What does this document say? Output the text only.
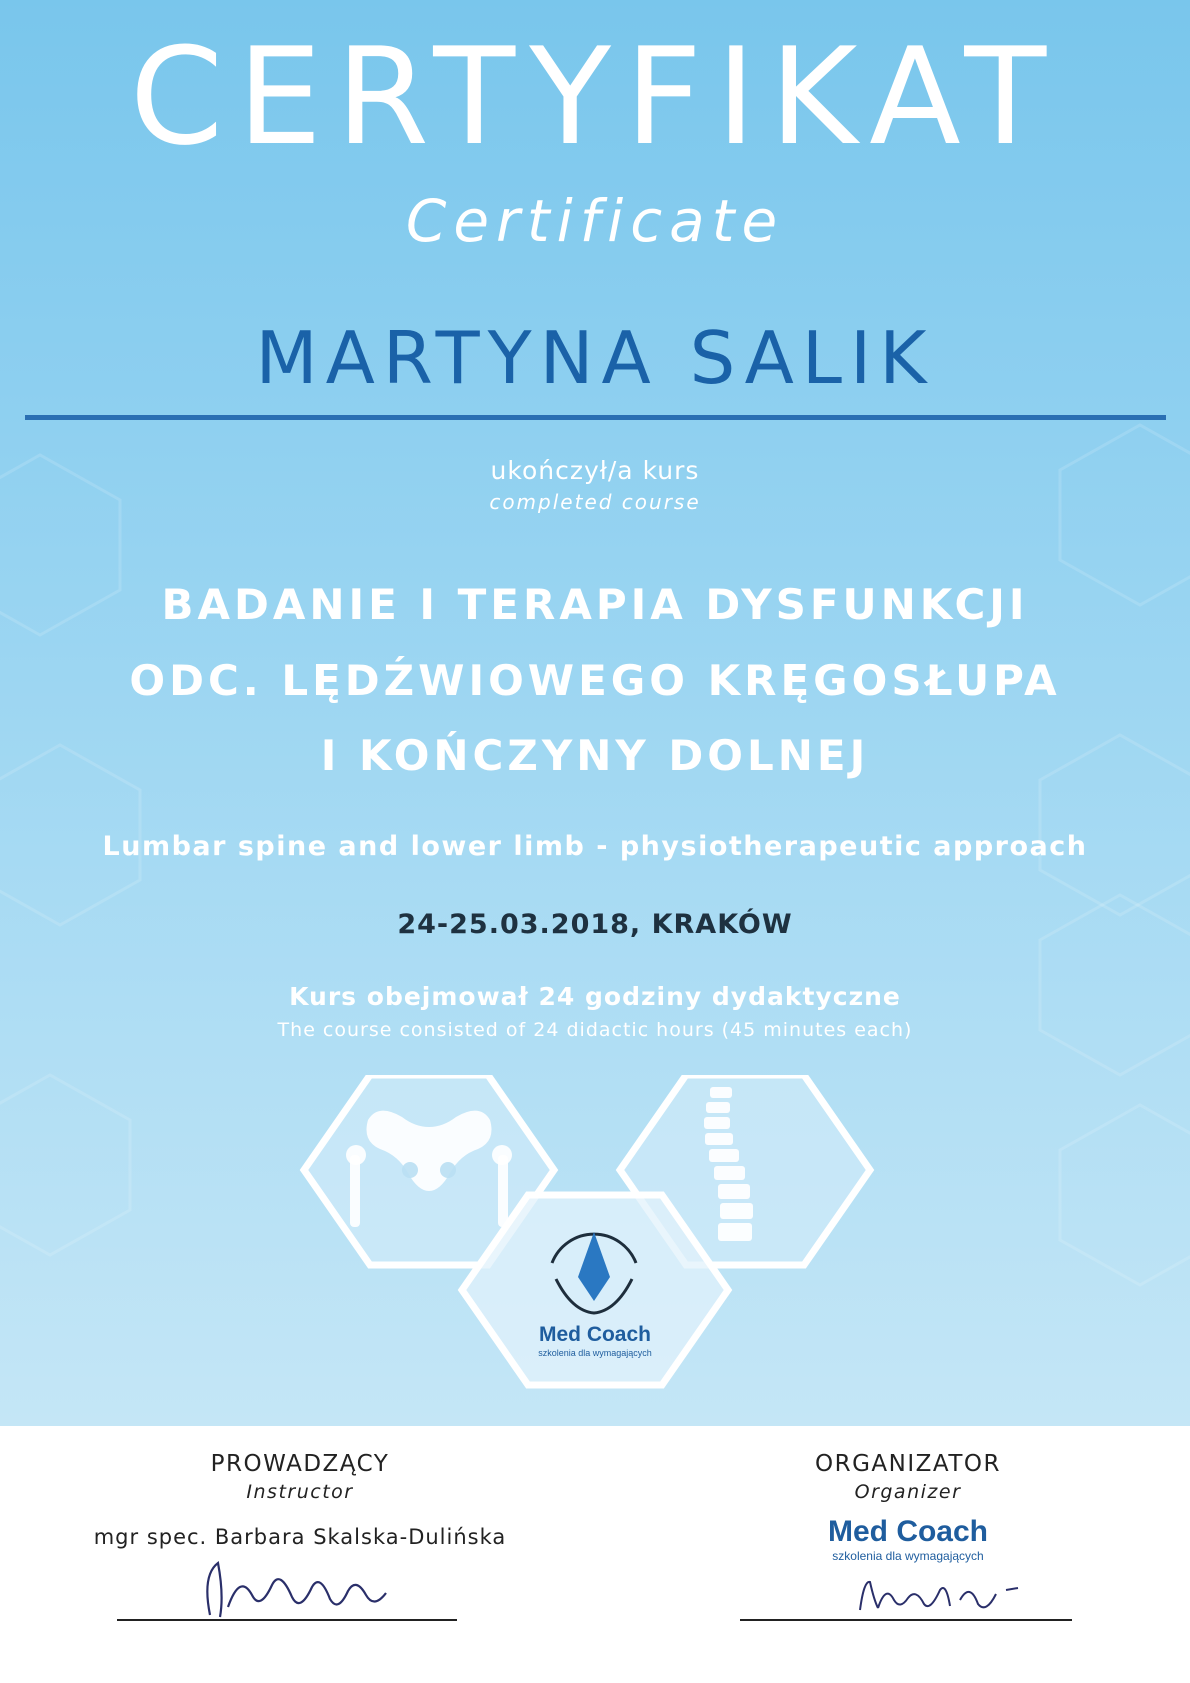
Med Coach
szkolenia dla wymagających
CERTYFIKAT
Certificate
MARTYNA SALIK
ukończył/a kurs
completed course
BADANIE I TERAPIA DYSFUNKCJI
ODC. LĘDŹWIOWEGO KRĘGOSŁUPA
I KOŃCZYNY DOLNEJ
Lumbar spine and lower limb - physiotherapeutic approach
24-25.03.2018, KRAKÓW
Kurs obejmował 24 godziny dydaktyczne
The course consisted of 24 didactic hours (45 minutes each)
PROWADZĄCY
Instructor
mgr spec. Barbara Skalska-Dulińska
ORGANIZATOR
Organizer
Med Coach
szkolenia dla wymagających
